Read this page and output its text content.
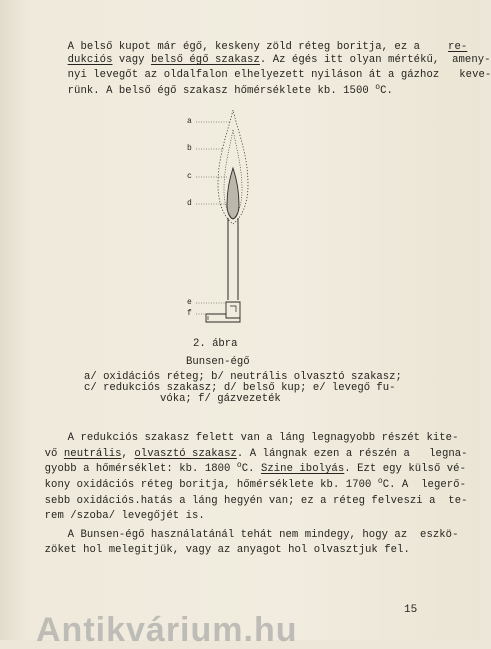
A belső kupot már égő, keskeny zöld réteg boritja, ez a	re-

dukciós vagy belső égő szakasz. Az égés itt olyan mértékű,  ameny-

nyi levegőt az oldalfalon elhelyezett nyiláson át a gázhoz keve-

rünk. A belső égő szakasz hőmérséklete kb. 1500 $^o$C.

a
b
c
d
e
f
2. ábra
Bunsen-égő
a/ oxidációs réteg; b/ neutrális olvasztó szakasz;
c/ redukciós szakasz; d/ belső kup; e/ levegő fu-
vóka; f/ gázvezeték

A redukciós szakasz felett van a láng legnagyobb részét kite-

vő neutrális, olvasztó szakasz. A lángnak ezen a részén a   legna-

gyobb a hőmérséklet: kb. 1800 $^o$C. Szine ibolyás. Ezt egy külső vé-

kony oxidációs réteg boritja, hőmérséklete kb. 1700 $^o$C. A  legerő-

sebb oxidációs.hatás a láng hegyén van; ez a réteg felveszi a  te-

rem /szoba/ levegőjét is.

A Bunsen-égő használatánál tehát nem mindegy, hogy az  eszkö-

zöket hol melegitjük, vagy az anyagot hol olvasztjuk fel.

15
Antikvárium.hu
